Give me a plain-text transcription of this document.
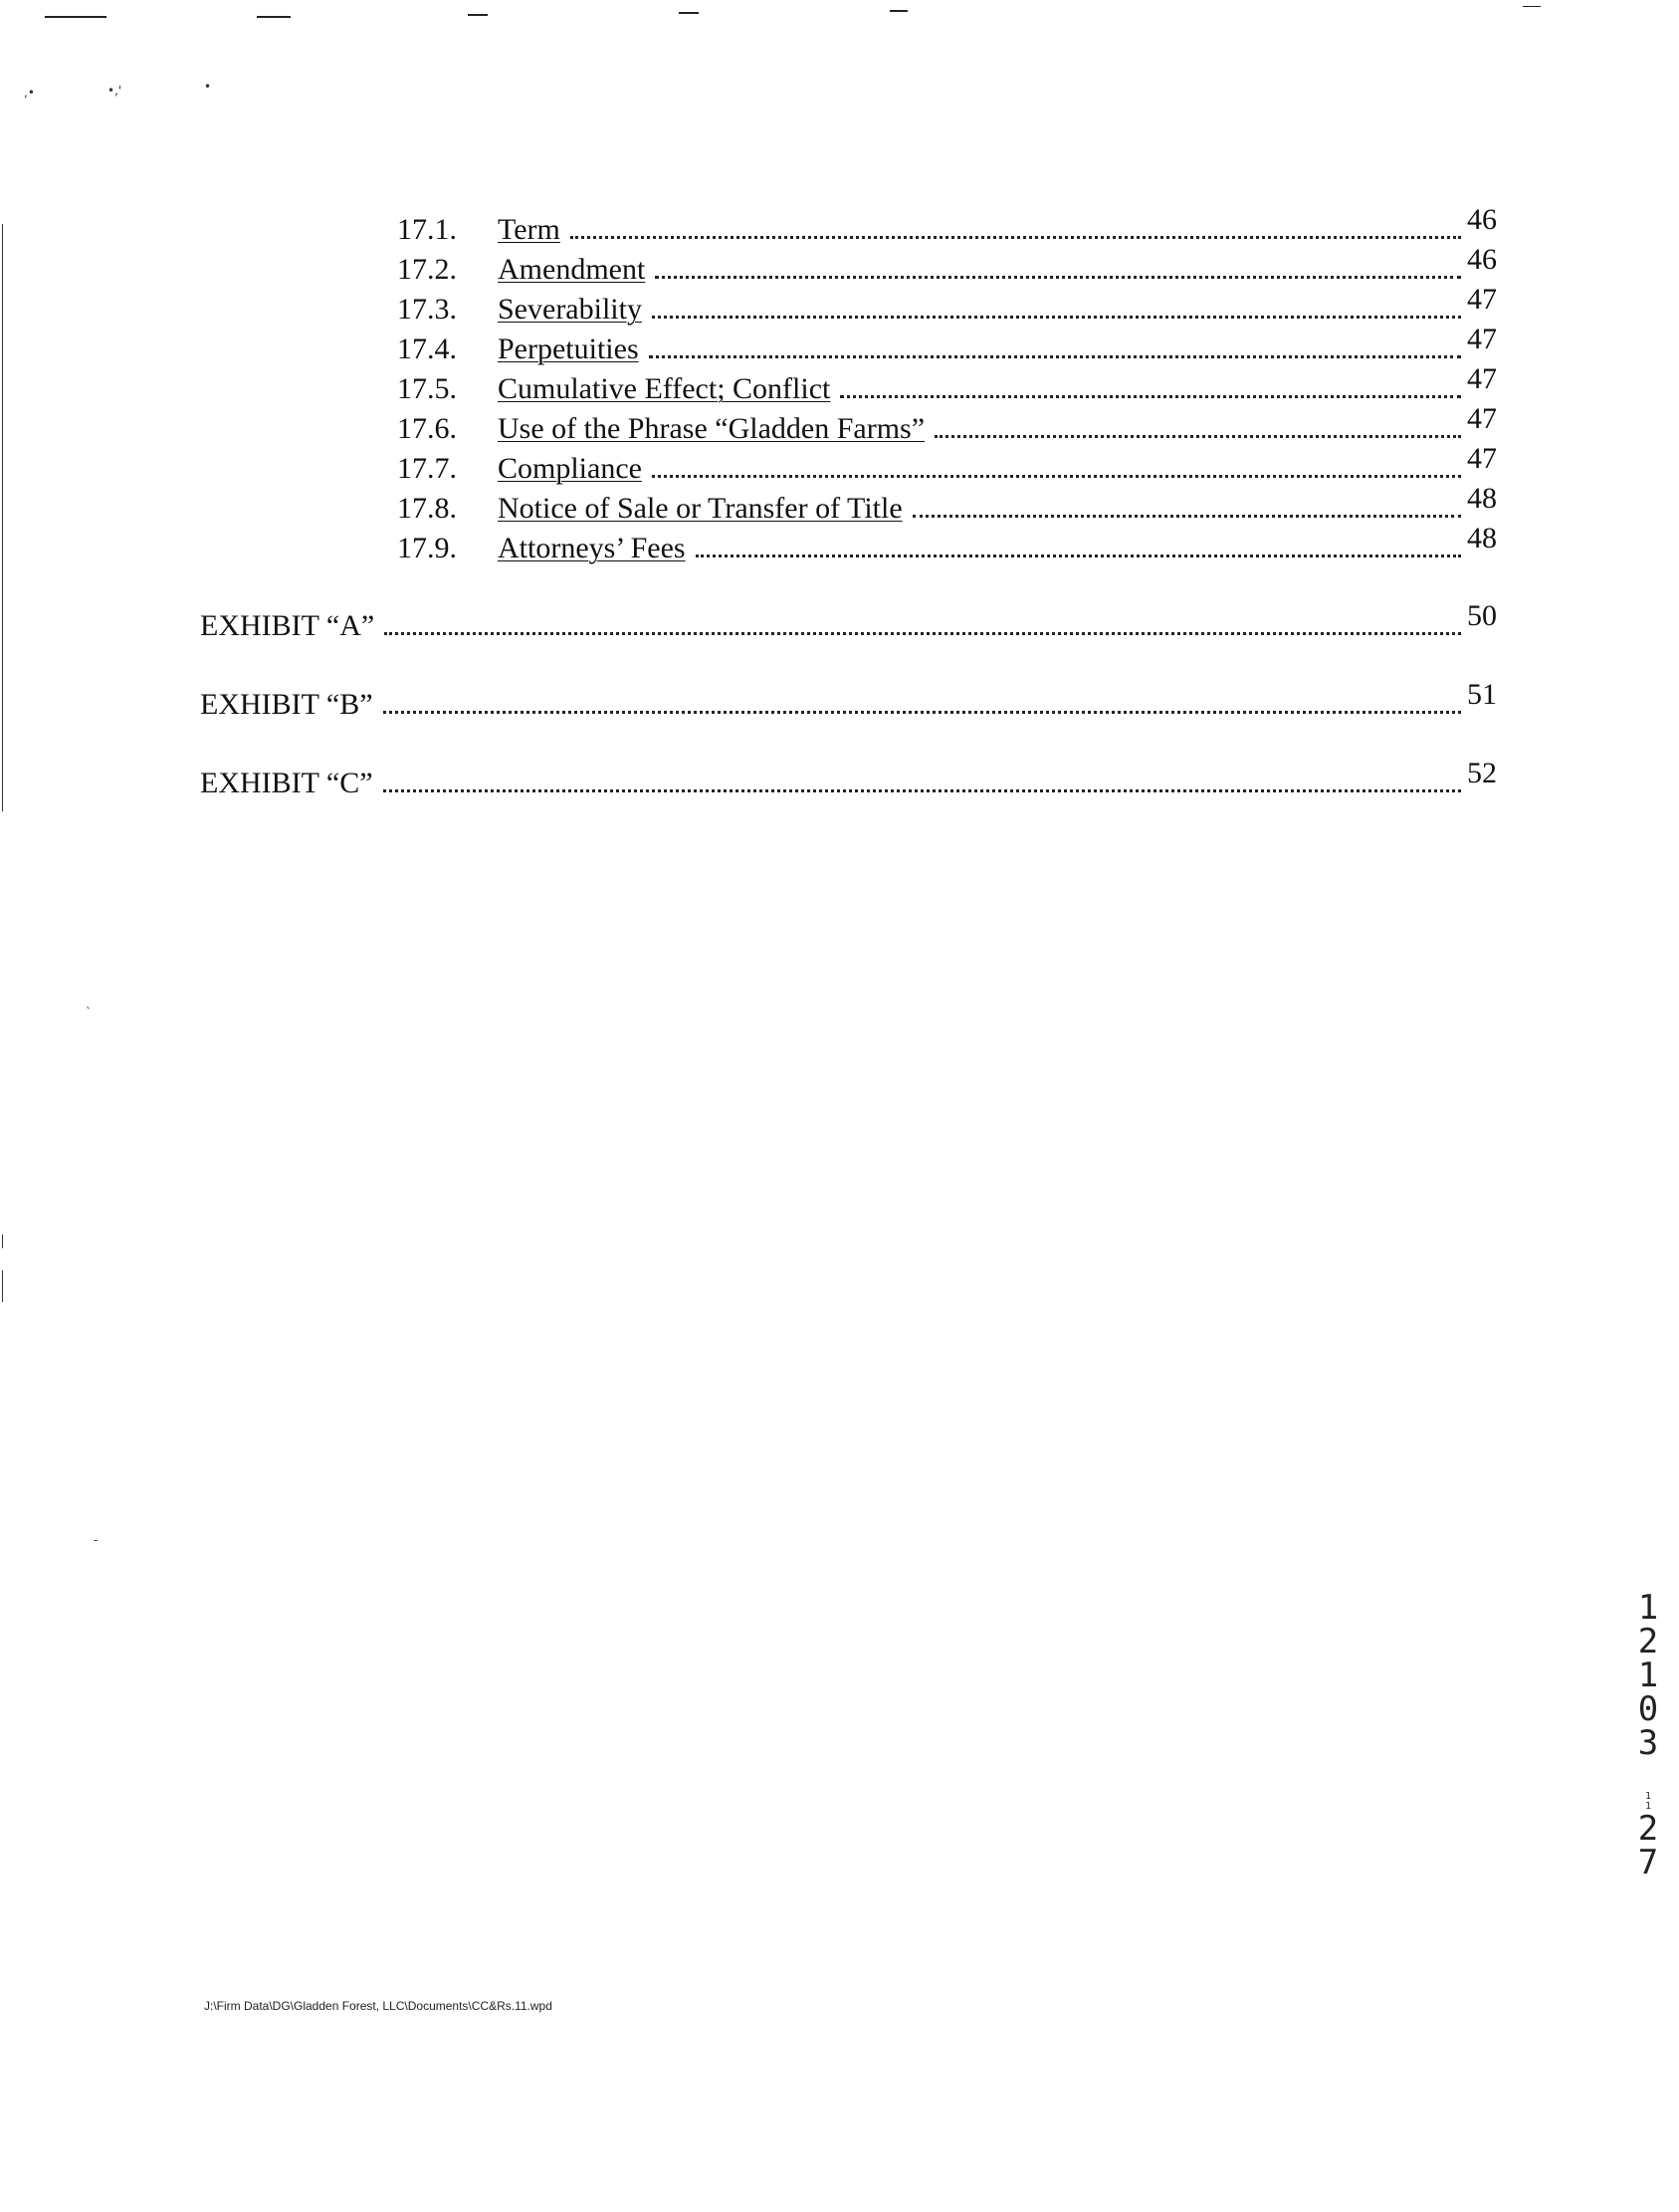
,•	•,'	•
`
-
17.1.	Term	46
17.2.	Amendment	46
17.3.	Severability	47
17.4.	Perpetuities	47
17.5.	Cumulative Effect; Conflict	47
17.6.	Use of the Phrase “Gladden Farms”	47
17.7.	Compliance	47
17.8.	Notice of Sale or Transfer of Title	48
17.9.	Attorneys’ Fees	48
EXHIBIT “A”	50
EXHIBIT “B”	51
EXHIBIT “C”	52
1
2
1
0
3
1
1
2
7
J:\Firm Data\DG\Gladden Forest, LLC\Documents\CC&Rs.11.wpd
